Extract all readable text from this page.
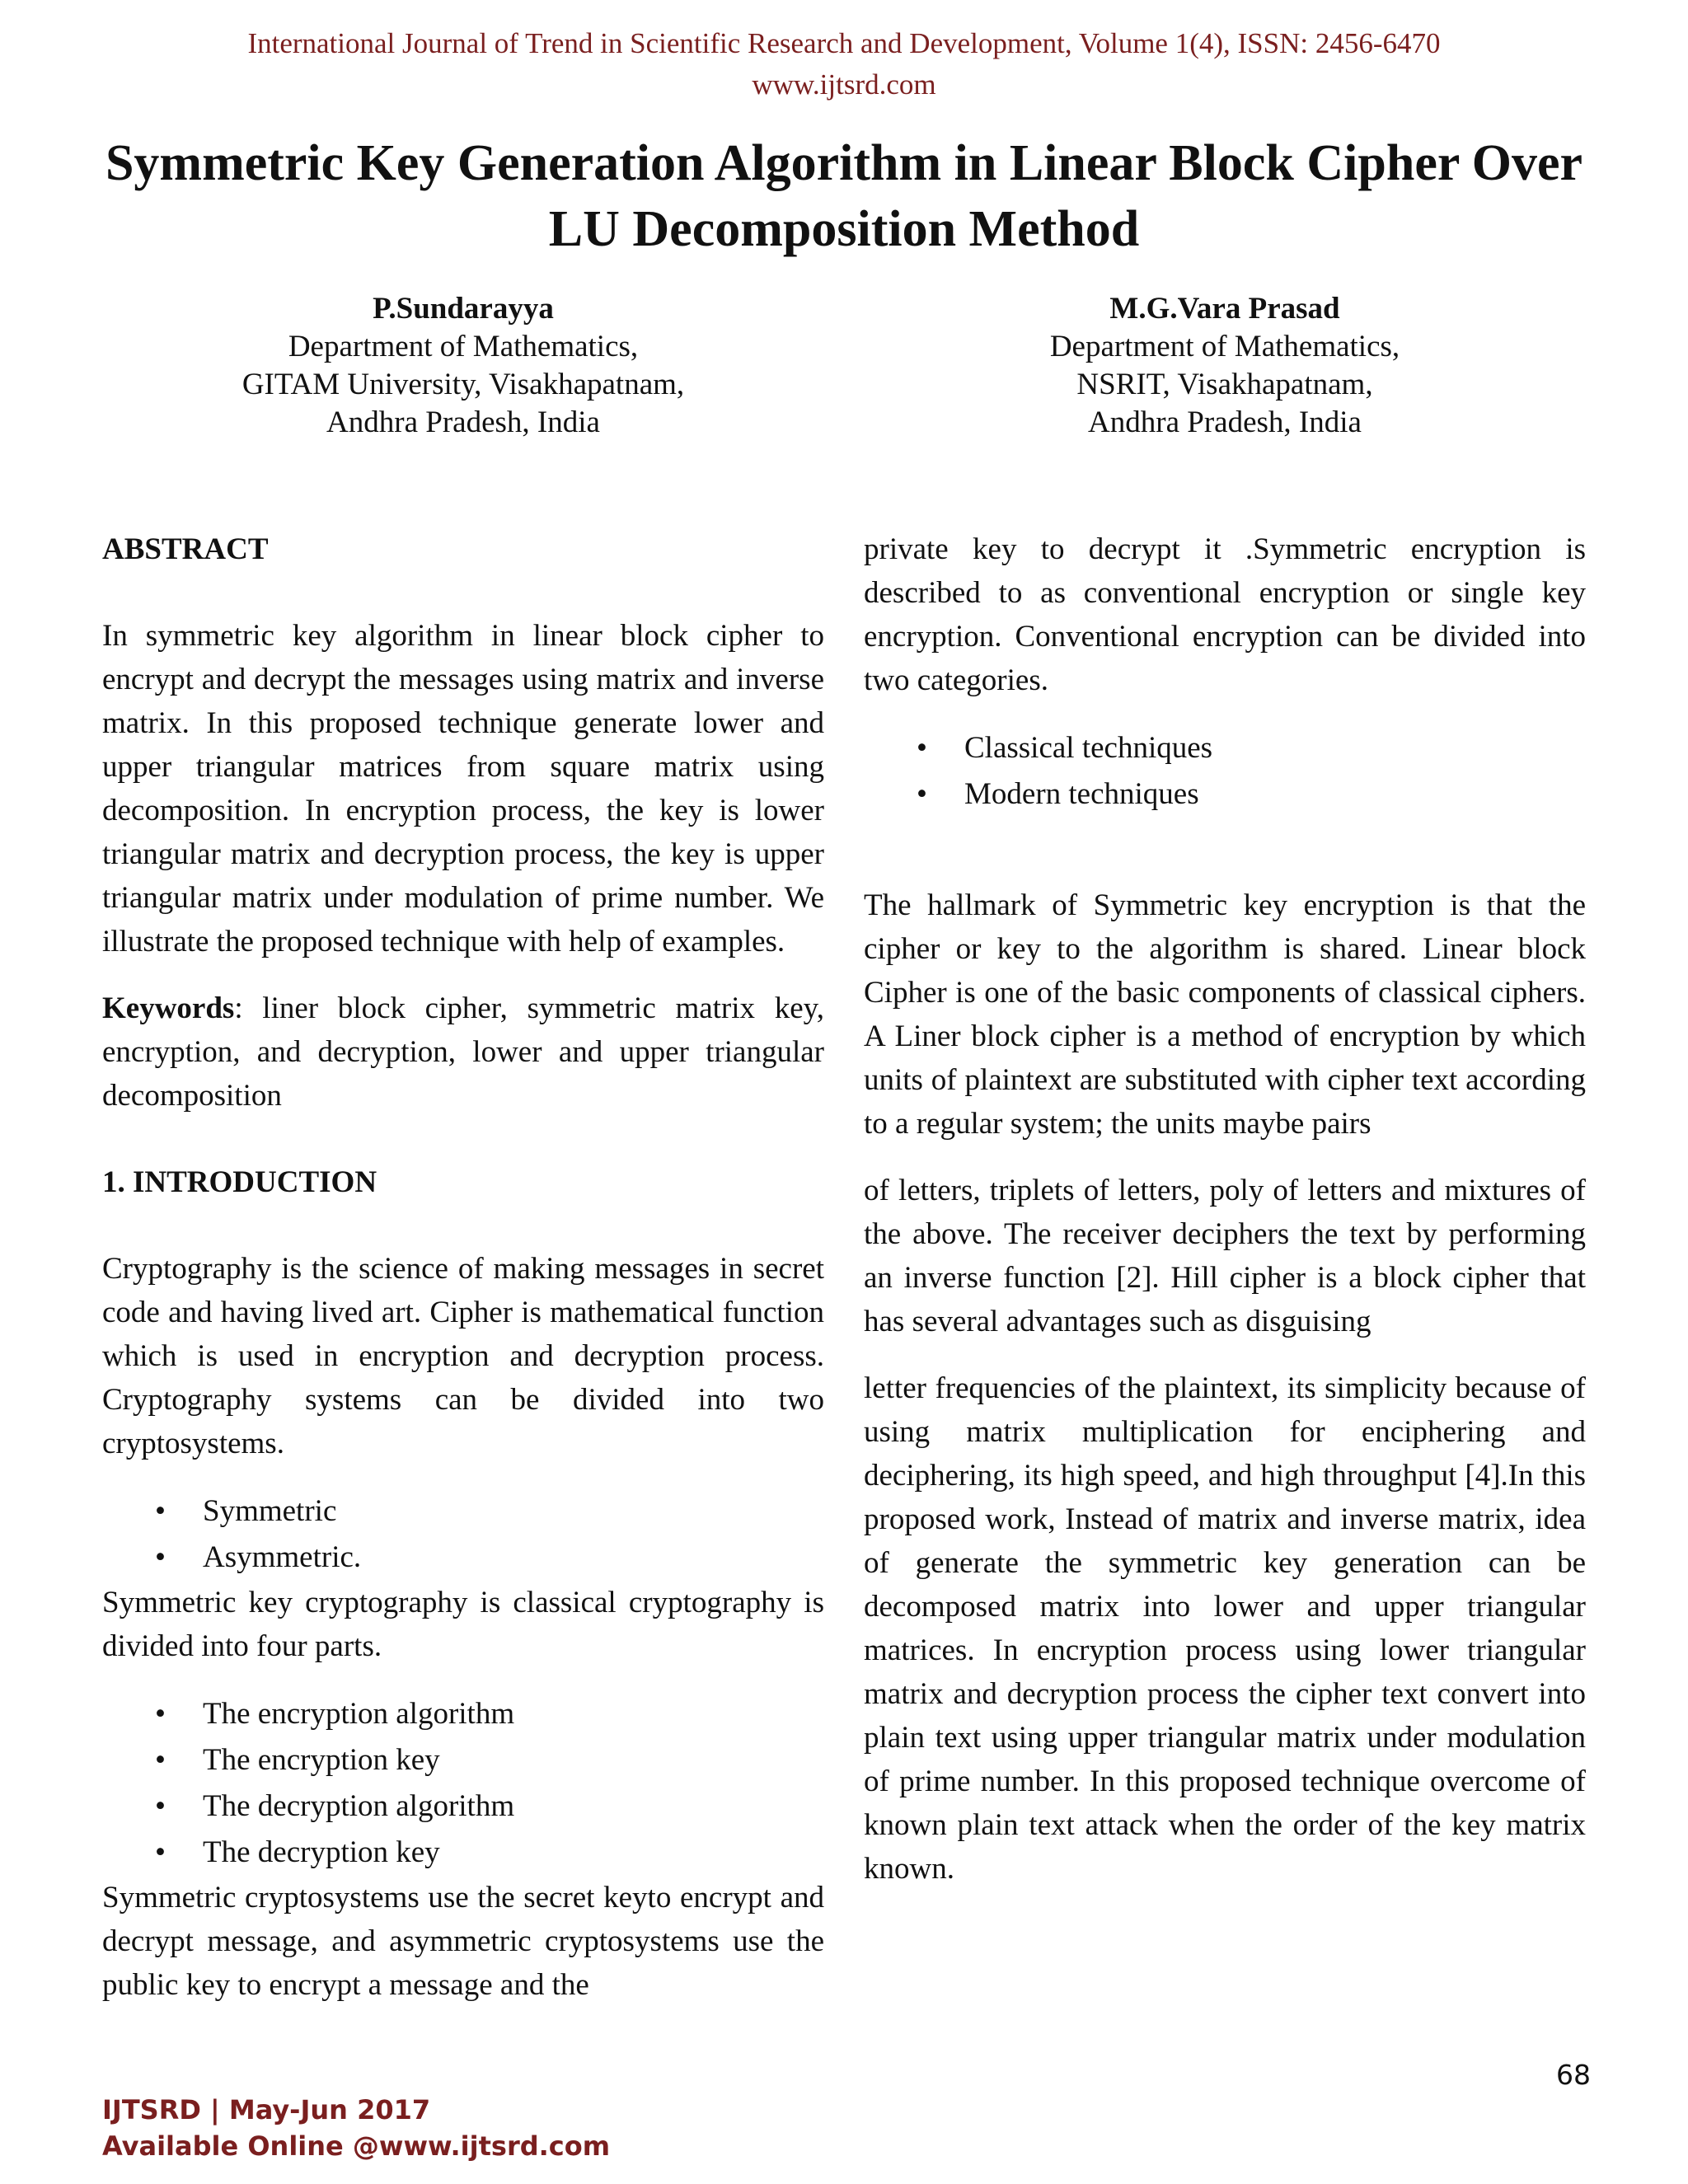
International Journal of Trend in Scientific Research and Development, Volume 1(4), ISSN: 2456-6470
www.ijtsrd.com
Symmetric Key Generation Algorithm in Linear Block Cipher Over
LU Decomposition Method
P.Sundarayya
Department of Mathematics,
GITAM University, Visakhapatnam,
Andhra Pradesh, India
M.G.Vara Prasad
Department of Mathematics,
NSRIT, Visakhapatnam,
Andhra Pradesh, India

ABSTRACT

In symmetric key algorithm in linear block cipher to encrypt and decrypt the messages using matrix and inverse matrix. In this proposed technique generate lower and upper triangular matrices from square matrix using decomposition. In encryption process, the key is lower triangular matrix and decryption process, the key is upper triangular matrix under modulation of prime number. We illustrate the proposed technique with help of examples.

Keywords: liner block cipher, symmetric matrix key, encryption, and decryption, lower and upper triangular decomposition

1. INTRODUCTION

Cryptography is the science of making messages in secret code and having lived art. Cipher is mathematical function which is used in encryption and decryption process. Cryptography systems can be divided into two cryptosystems.

• Symmetric
• Asymmetric.

Symmetric key cryptography is classical cryptography is divided into four parts.

• The encryption algorithm
• The encryption key
• The decryption algorithm
• The decryption key

Symmetric cryptosystems use the secret keyto encrypt and decrypt message, and asymmetric cryptosystems use the public key to encrypt a message and the

private key to decrypt it .Symmetric encryption is described to as conventional encryption or single key encryption. Conventional encryption can be divided into two categories.

• Classical techniques
• Modern techniques

The hallmark of Symmetric key encryption is that the cipher or key to the algorithm is shared. Linear block Cipher is one of the basic components of classical ciphers. A Liner block cipher is a method of encryption by which units of plaintext are substituted with cipher text according to a regular system; the units maybe pairs

of letters, triplets of letters, poly of letters and mixtures of the above. The receiver deciphers the text by performing an inverse function [2]. Hill cipher is a block cipher that has several advantages such as disguising

letter frequencies of the plaintext, its simplicity because of using matrix multiplication for enciphering and deciphering, its high speed, and high throughput [4].In this proposed work, Instead of matrix and inverse matrix, idea of generate the symmetric key generation can be decomposed matrix into lower and upper triangular matrices. In encryption process using lower triangular matrix and decryption process the cipher text convert into plain text using upper triangular matrix under modulation of prime number. In this proposed technique overcome of known plain text attack when the order of the key matrix known.

68
IJTSRD | May-Jun 2017
Available Online @www.ijtsrd.com
